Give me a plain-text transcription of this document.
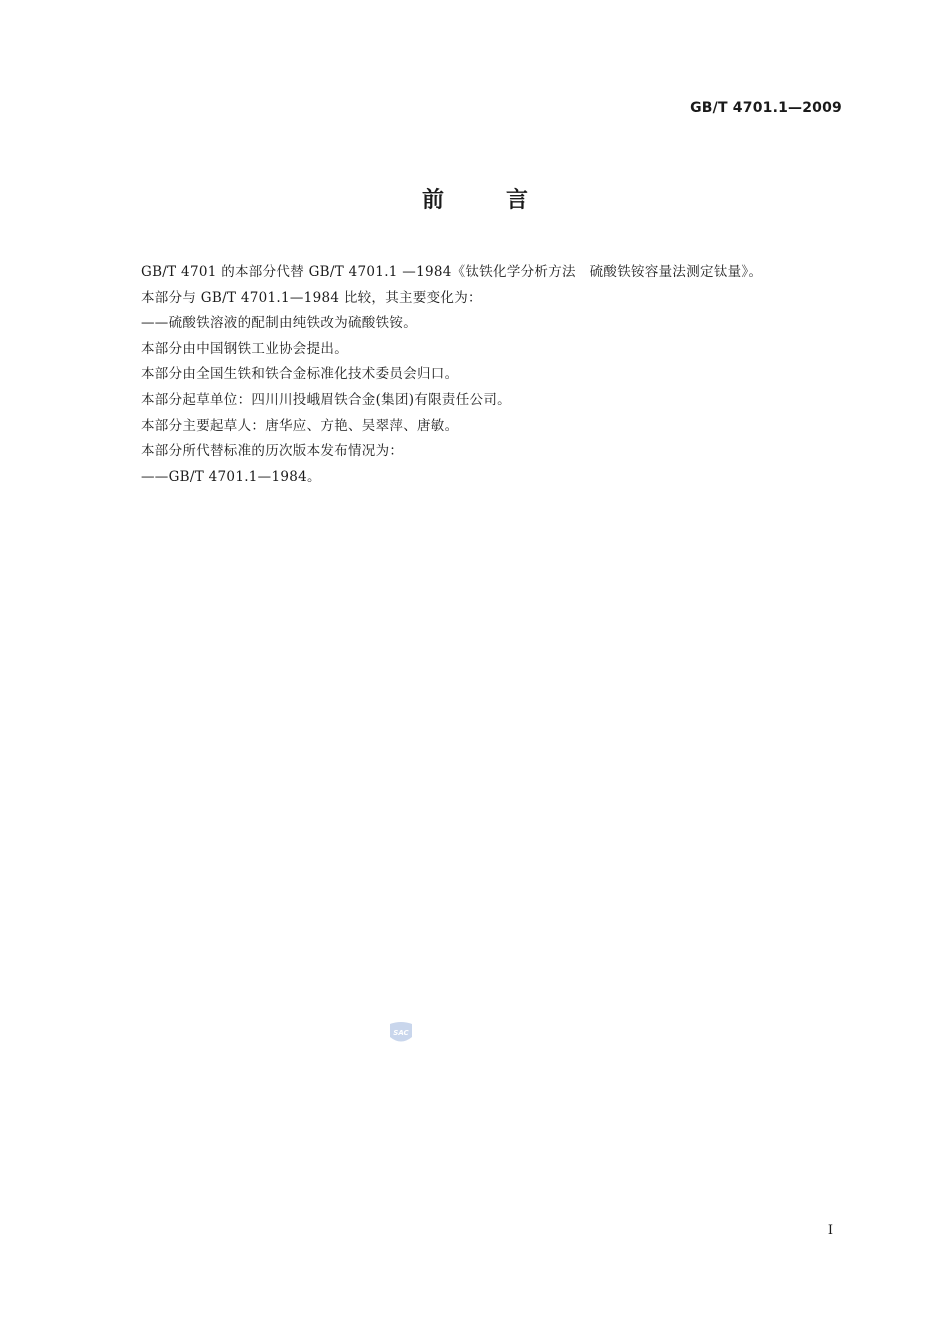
GB/T 4701.1—2009

前言
GB/T 4701 的本部分代替 GB/T 4701.1 —1984《钛铁化学分析方法　硫酸铁铵容量法测定钛量》。
本部分与 GB/T 4701.1—1984 比较，其主要变化为：
——硫酸铁溶液的配制由纯铁改为硫酸铁铵。
本部分由中国钢铁工业协会提出。
本部分由全国生铁和铁合金标准化技术委员会归口。
本部分起草单位：四川川投峨眉铁合金(集团)有限责任公司。
本部分主要起草人：唐华应、方艳、吴翠萍、唐敏。
本部分所代替标准的历次版本发布情况为：
——GB/T 4701.1—1984。
SAC

I
